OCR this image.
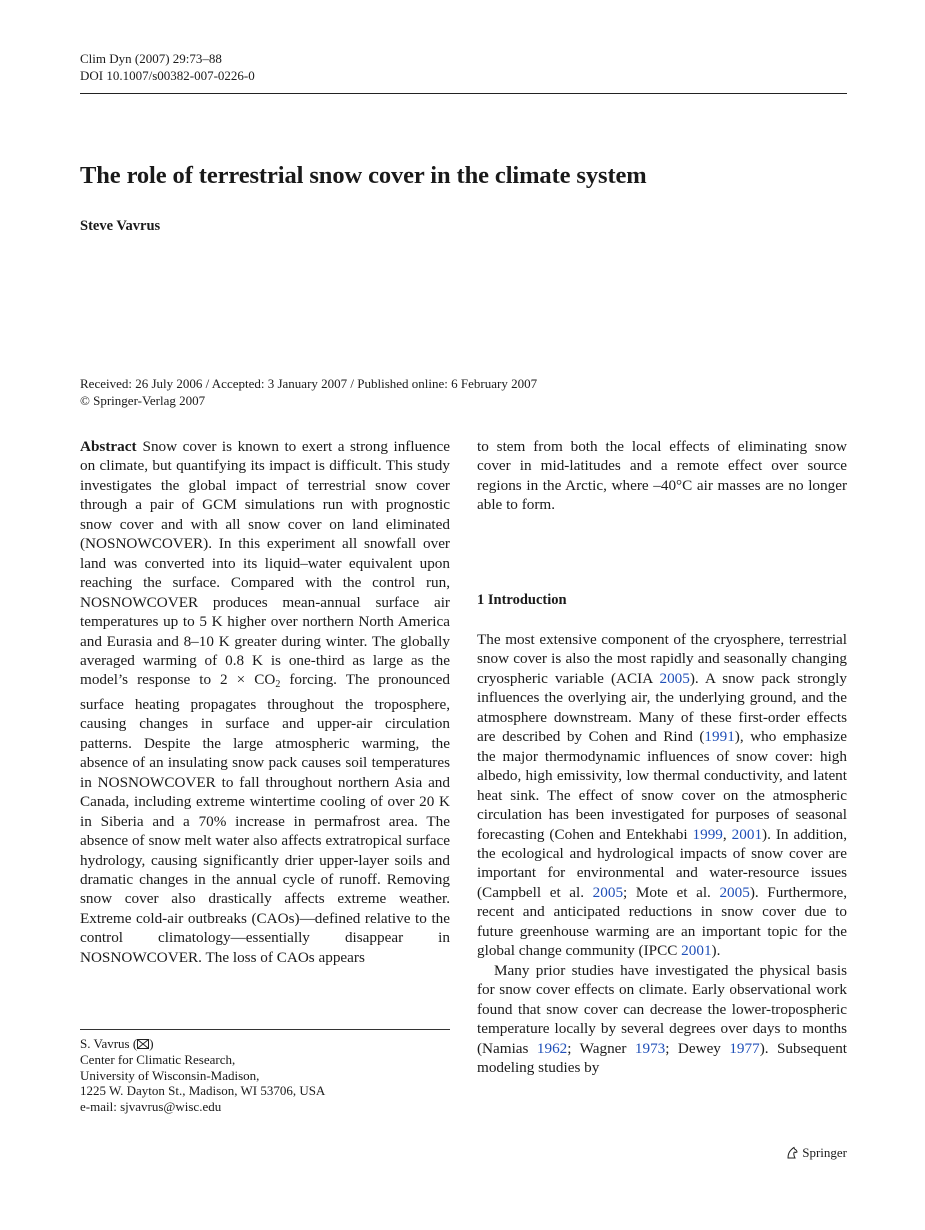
Clim Dyn (2007) 29:73–88
DOI 10.1007/s00382-007-0226-0
The role of terrestrial snow cover in the climate system
Steve Vavrus
Received: 26 July 2006 / Accepted: 3 January 2007 / Published online: 6 February 2007
© Springer-Verlag 2007

Abstract Snow cover is known to exert a strong influence on climate, but quantifying its impact is difficult. This study investigates the global impact of terrestrial snow cover through a pair of GCM simulations run with prognostic snow cover and with all snow cover on land eliminated (NOSNOWCOVER). In this experiment all snowfall over land was converted into its liquid–water equivalent upon reaching the surface. Compared with the control run, NOSNOWCOVER produces mean-annual surface air temperatures up to 5 K higher over northern North America and Eurasia and 8–10 K greater during winter. The globally averaged warming of 0.8 K is one-third as large as the model’s response to $2 \times CO_2$ forcing. The pronounced surface heating propagates throughout the troposphere, causing changes in surface and upper-air circulation patterns. Despite the large atmospheric warming, the absence of an insulating snow pack causes soil temperatures in NOSNOWCOVER to fall throughout northern Asia and Canada, including extreme wintertime cooling of over 20 K in Siberia and a 70% increase in permafrost area. The absence of snow melt water also affects extratropical surface hydrology, causing significantly drier upper-layer soils and dramatic changes in the annual cycle of runoff. Removing snow cover also drastically affects extreme weather. Extreme cold-air outbreaks (CAOs)—defined relative to the control climatology—essentially disappear in NOSNOWCOVER. The loss of CAOs appears

to stem from both the local effects of eliminating snow cover in mid-latitudes and a remote effect over source regions in the Arctic, where –40°C air masses are no longer able to form.

1 Introduction

The most extensive component of the cryosphere, terrestrial snow cover is also the most rapidly and seasonally changing cryospheric variable (ACIA 2005). A snow pack strongly influences the overlying air, the underlying ground, and the atmosphere downstream. Many of these first-order effects are described by Cohen and Rind (1991), who emphasize the major thermodynamic influences of snow cover: high albedo, high emissivity, low thermal conductivity, and latent heat sink. The effect of snow cover on the atmospheric circulation has been investigated for purposes of seasonal forecasting (Cohen and Entekhabi 1999, 2001). In addition, the ecological and hydrological impacts of snow cover are important for environmental and water-resource issues (Campbell et al. 2005; Mote et al. 2005). Furthermore, recent and anticipated reductions in snow cover due to future greenhouse warming are an important topic for the global change community (IPCC 2001).

Many prior studies have investigated the physical basis for snow cover effects on climate. Early observational work found that snow cover can decrease the lower-tropospheric temperature locally by several degrees over days to months (Namias 1962; Wagner 1973; Dewey 1977). Subsequent modeling studies by

S. Vavrus ( )
Center for Climatic Research,
University of Wisconsin-Madison,
1225 W. Dayton St., Madison, WI 53706, USA
e-mail: sjvavrus@wisc.edu
Springer
